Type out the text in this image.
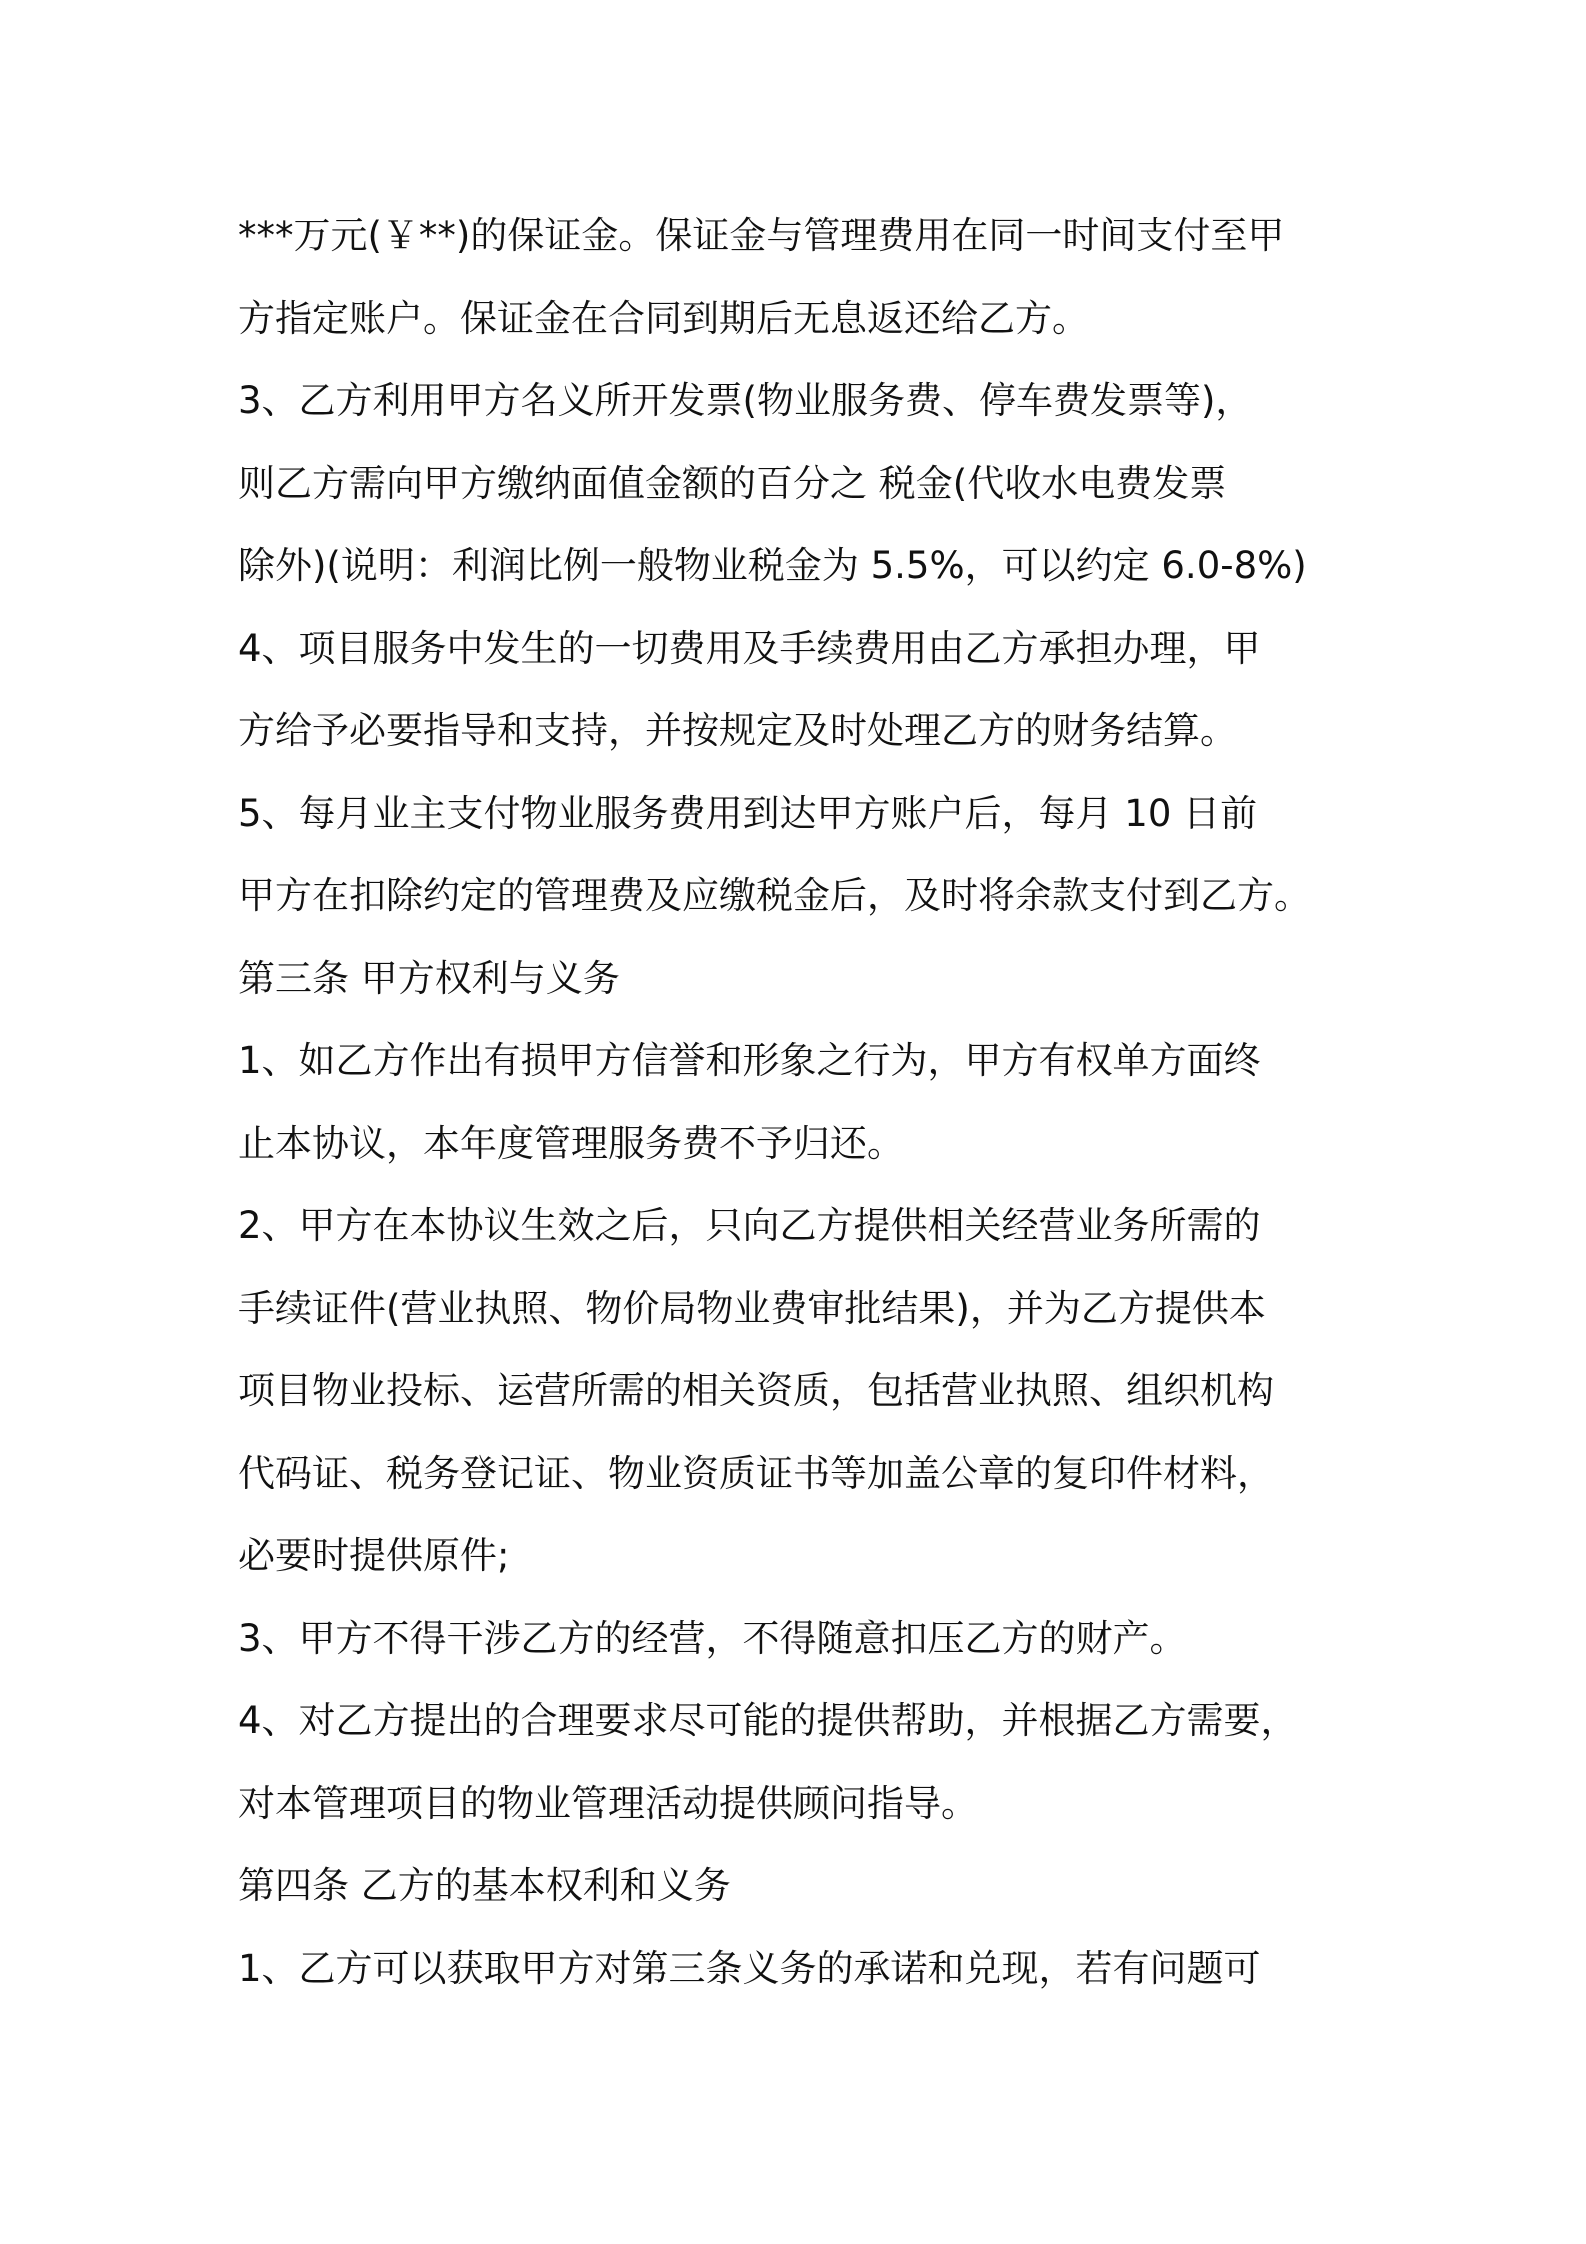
***万元(￥**)的保证金。保证金与管理费用在同一时间支付至甲
方指定账户。保证金在合同到期后无息返还给乙方。
3、乙方利用甲方名义所开发票(物业服务费、停车费发票等)，
则乙方需向甲方缴纳面值金额的百分之 税金(代收水电费发票
除外)(说明：利润比例一般物业税金为 5.5%，可以约定 6.0-8%)
4、项目服务中发生的一切费用及手续费用由乙方承担办理，甲
方给予必要指导和支持，并按规定及时处理乙方的财务结算。
5、每月业主支付物业服务费用到达甲方账户后，每月 10 日前
甲方在扣除约定的管理费及应缴税金后，及时将余款支付到乙方。
第三条 甲方权利与义务
1、如乙方作出有损甲方信誉和形象之行为，甲方有权单方面终
止本协议，本年度管理服务费不予归还。
2、甲方在本协议生效之后，只向乙方提供相关经营业务所需的
手续证件(营业执照、物价局物业费审批结果)，并为乙方提供本
项目物业投标、运营所需的相关资质，包括营业执照、组织机构
代码证、税务登记证、物业资质证书等加盖公章的复印件材料，
必要时提供原件;
3、甲方不得干涉乙方的经营，不得随意扣压乙方的财产。
4、对乙方提出的合理要求尽可能的提供帮助，并根据乙方需要，
对本管理项目的物业管理活动提供顾问指导。
第四条 乙方的基本权利和义务
1、乙方可以获取甲方对第三条义务的承诺和兑现，若有问题可
